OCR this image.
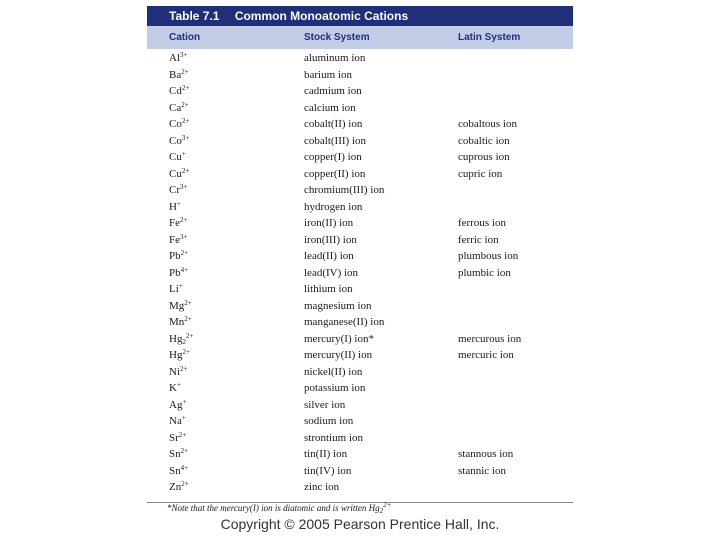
Table 7.1 Common Monoatomic Cations
Cation	Stock System	Latin System
$Al^{3+}$	aluminum ion
$Ba^{2+}$	barium ion
$Cd^{2+}$	cadmium ion
$Ca^{2+}$	calcium ion
$Co^{2+}$	cobalt(II) ion	cobaltous ion
$Co^{3+}$	cobalt(III) ion	cobaltic ion
Cu+	copper(I) ion	cuprous ion
$Cu^{2+}$	copper(II) ion	cupric ion
$Cr^{3+}$	chromium(III) ion
H+	hydrogen ion
$Fe^{2+}$	iron(II) ion	ferrous ion
$Fe^{3+}$	iron(III) ion	ferric ion
$Pb^{2+}$	lead(II) ion	plumbous ion
$Pb^{4+}$	lead(IV) ion	plumbic ion
Li+	lithium ion
$Mg^{2+}$	magnesium ion
$Mn^{2+}$	manganese(II) ion
$Hg_2^{2+}$	mercury(I) ion*	mercurous ion
$Hg^{2+}$	mercury(II) ion	mercuric ion
$Ni^{2+}$	nickel(II) ion
K+	potassium ion
Ag+	silver ion
Na+	sodium ion
$Sr^{2+}$	strontium ion
$Sn^{2+}$	tin(II) ion	stannous ion
$Sn^{4+}$	tin(IV) ion	stannic ion
$Zn^{2+}$	zinc ion
*Note that the mercury(I) ion is diatomic and is written $Hg_2^{2+}$
Copyright © 2005 Pearson Prentice Hall, Inc.
